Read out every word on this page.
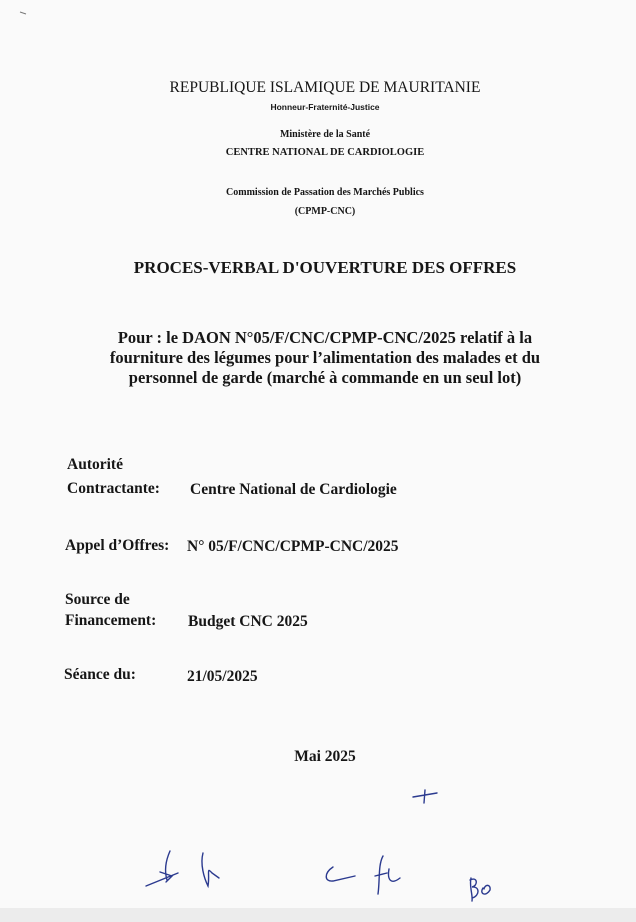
REPUBLIQUE ISLAMIQUE DE MAURITANIE
Honneur-Fraternité-Justice
Ministère de la Santé
CENTRE NATIONAL DE CARDIOLOGIE
Commission de Passation des Marchés Publics
(CPMP-CNC)
PROCES-VERBAL D'OUVERTURE DES OFFRES
Pour : le DAON N°05/F/CNC/CPMP-CNC/2025 relatif à la
fourniture des légumes pour l’alimentation des malades et du
personnel de garde (marché à commande en un seul lot)
Autorité
Contractante: Centre National de Cardiologie
Appel d’Offres: N° 05/F/CNC/CPMP-CNC/2025
Source de
Financement: Budget CNC 2025
Séance du:	21/05/2025
Mai 2025
